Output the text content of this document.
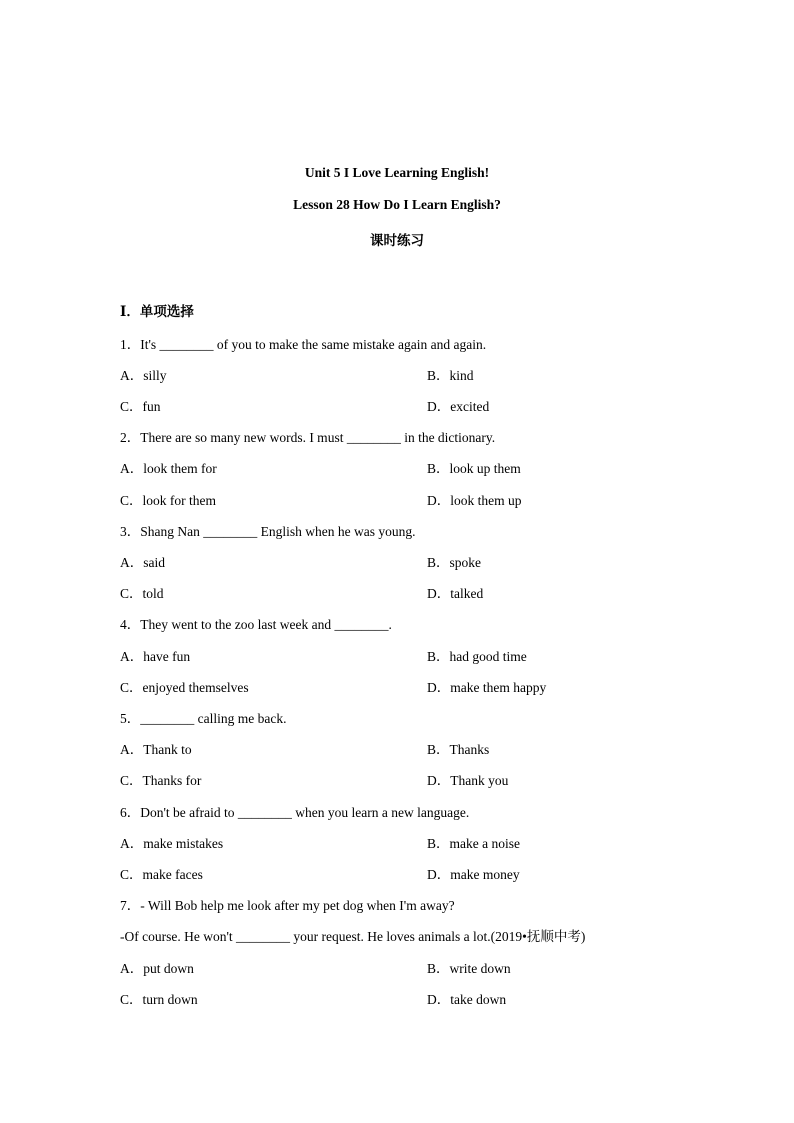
Unit 5 I Love Learning English!
Lesson 28 How Do I Learn English?
课时练习
Ⅰ．单项选择
1．It's ________ of you to make the same mistake again and again.
A．silly	B．kind
C．fun	D．excited
2．There are so many new words. I must ________ in the dictionary.
A．look them for	B．look up them
C．look for them	D．look them up
3．Shang Nan ________ English when he was young.
A．said	B．spoke
C．told	D．talked
4．They went to the zoo last week and ________.
A．have fun	B．had good time
C．enjoyed themselves	D．make them happy
5．________ calling me back.
A．Thank to	B．Thanks
C．Thanks for	D．Thank you
6．Don't be afraid to ________ when you learn a new language.
A．make mistakes	B．make a noise
C．make faces	D．make money
7．- Will Bob help me look after my pet dog when I'm away?
-Of course. He won't ________ your request. He loves animals a lot.(2019•抚顺中考)
A．put down	B．write down
C．turn down	D．take down
